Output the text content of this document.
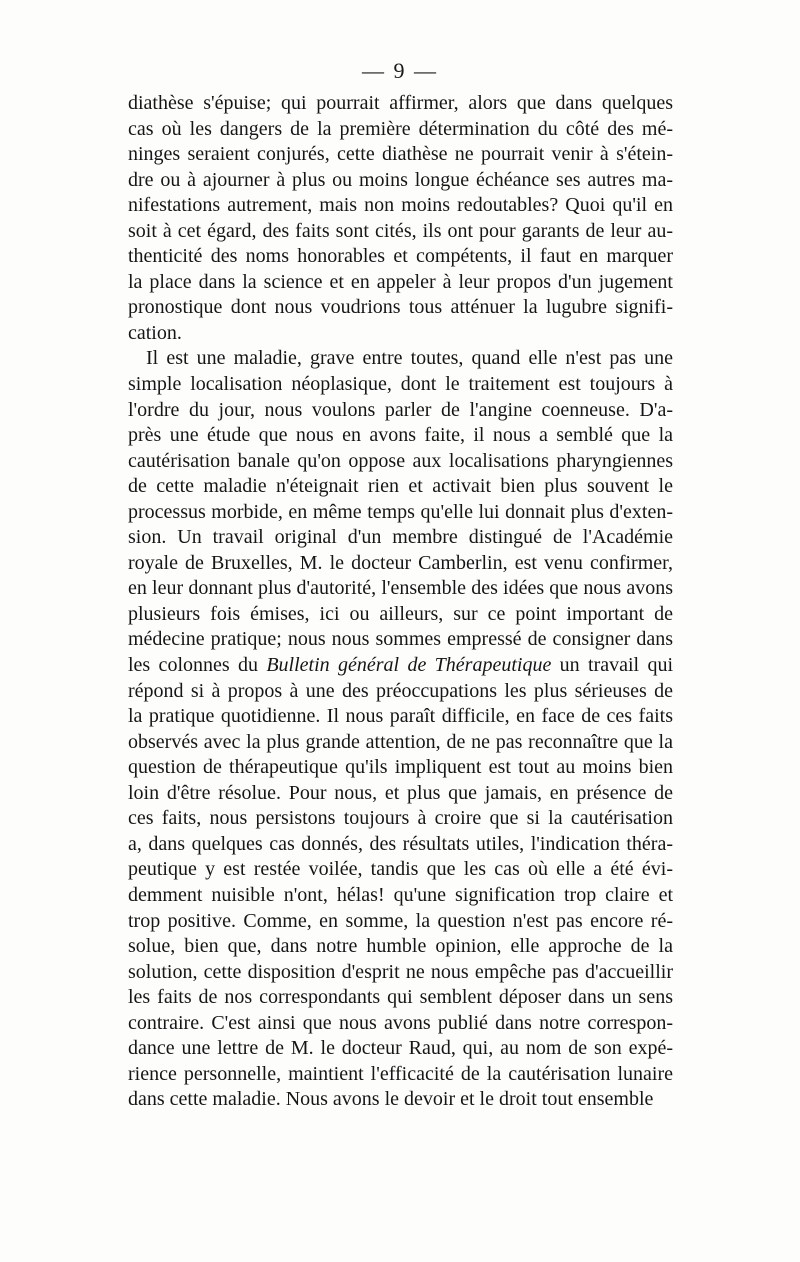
— 9 —

diathèse s'épuise; qui pourrait affirmer, alors que dans quelques
cas où les dangers de la première détermination du côté des mé-
ninges seraient conjurés, cette diathèse ne pourrait venir à s'étein-
dre ou à ajourner à plus ou moins longue échéance ses autres ma-
nifestations autrement, mais non moins redoutables? Quoi qu'il en
soit à cet égard, des faits sont cités, ils ont pour garants de leur au-
thenticité des noms honorables et compétents, il faut en marquer
la place dans la science et en appeler à leur propos d'un jugement
pronostique dont nous voudrions tous atténuer la lugubre signifi-
cation.

Il est une maladie, grave entre toutes, quand elle n'est pas une
simple localisation néoplasique, dont le traitement est toujours à
l'ordre du jour, nous voulons parler de l'angine coenneuse. D'a-
près une étude que nous en avons faite, il nous a semblé que la
cautérisation banale qu'on oppose aux localisations pharyngiennes
de cette maladie n'éteignait rien et activait bien plus souvent le
processus morbide, en même temps qu'elle lui donnait plus d'exten-
sion. Un travail original d'un membre distingué de l'Académie
royale de Bruxelles, M. le docteur Camberlin, est venu confirmer,
en leur donnant plus d'autorité, l'ensemble des idées que nous avons
plusieurs fois émises, ici ou ailleurs, sur ce point important de
médecine pratique; nous nous sommes empressé de consigner dans
les colonnes du Bulletin général de Thérapeutique un travail qui
répond si à propos à une des préoccupations les plus sérieuses de
la pratique quotidienne. Il nous paraît difficile, en face de ces faits
observés avec la plus grande attention, de ne pas reconnaître que la
question de thérapeutique qu'ils impliquent est tout au moins bien
loin d'être résolue. Pour nous, et plus que jamais, en présence de
ces faits, nous persistons toujours à croire que si la cautérisation
a, dans quelques cas donnés, des résultats utiles, l'indication théra-
peutique y est restée voilée, tandis que les cas où elle a été évi-
demment nuisible n'ont, hélas! qu'une signification trop claire et
trop positive. Comme, en somme, la question n'est pas encore ré-
solue, bien que, dans notre humble opinion, elle approche de la
solution, cette disposition d'esprit ne nous empêche pas d'accueillir
les faits de nos correspondants qui semblent déposer dans un sens
contraire. C'est ainsi que nous avons publié dans notre correspon-
dance une lettre de M. le docteur Raud, qui, au nom de son expé-
rience personnelle, maintient l'efficacité de la cautérisation lunaire
dans cette maladie. Nous avons le devoir et le droit tout ensemble
